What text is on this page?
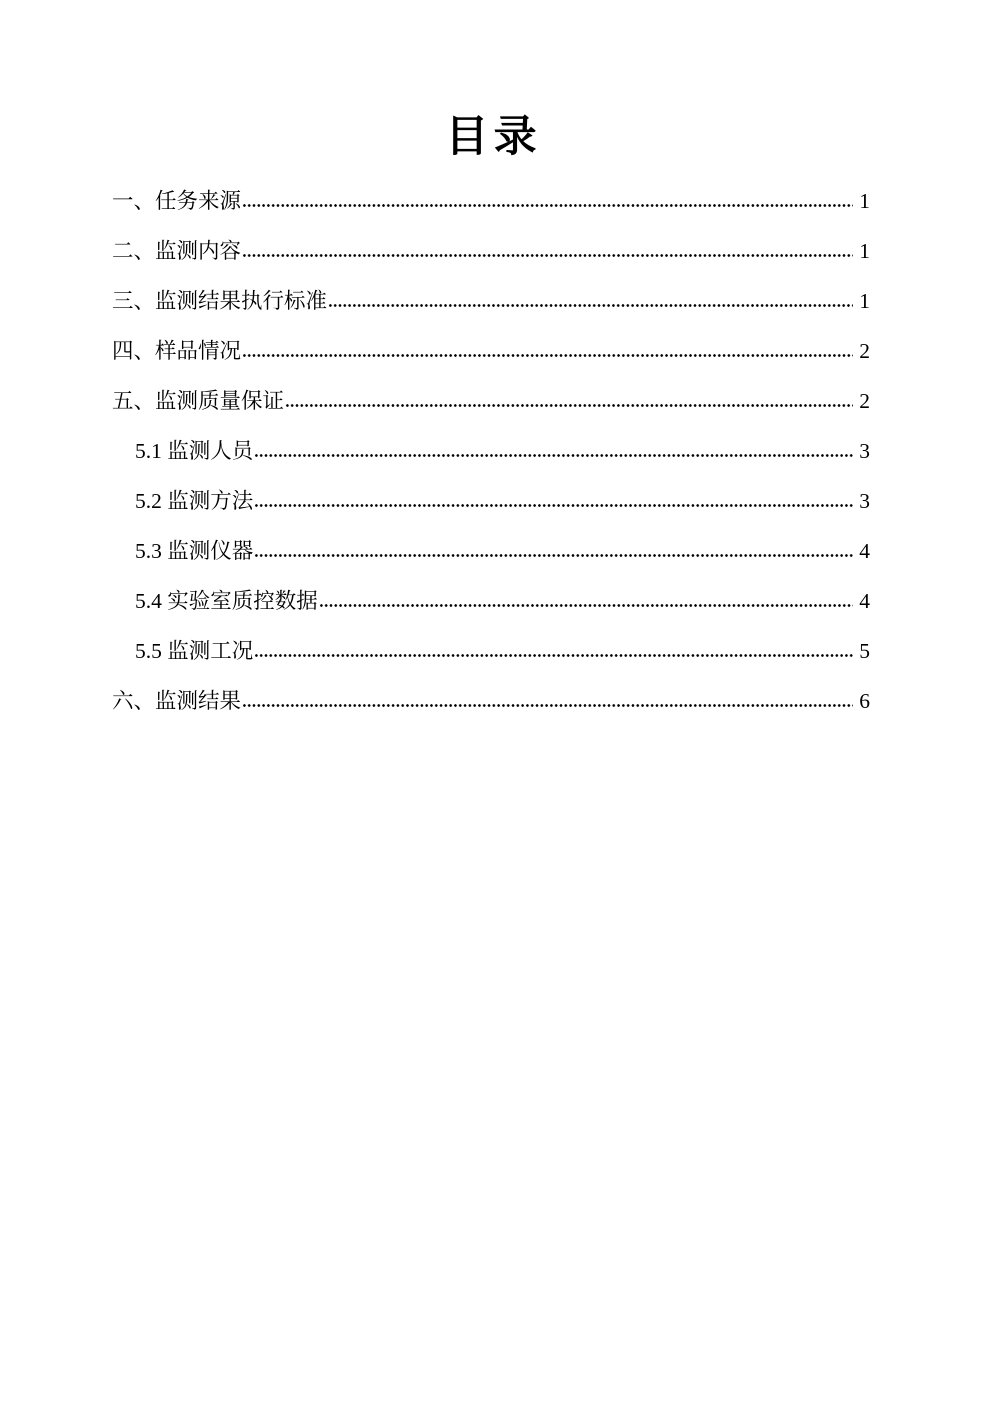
目录
一、任务来源	1
二、监测内容	1
三、监测结果执行标准	1
四、样品情况	2
五、监测质量保证	2
5.1 监测人员	3
5.2 监测方法	3
5.3 监测仪器	4
5.4 实验室质控数据	4
5.5 监测工况	5
六、监测结果	6
